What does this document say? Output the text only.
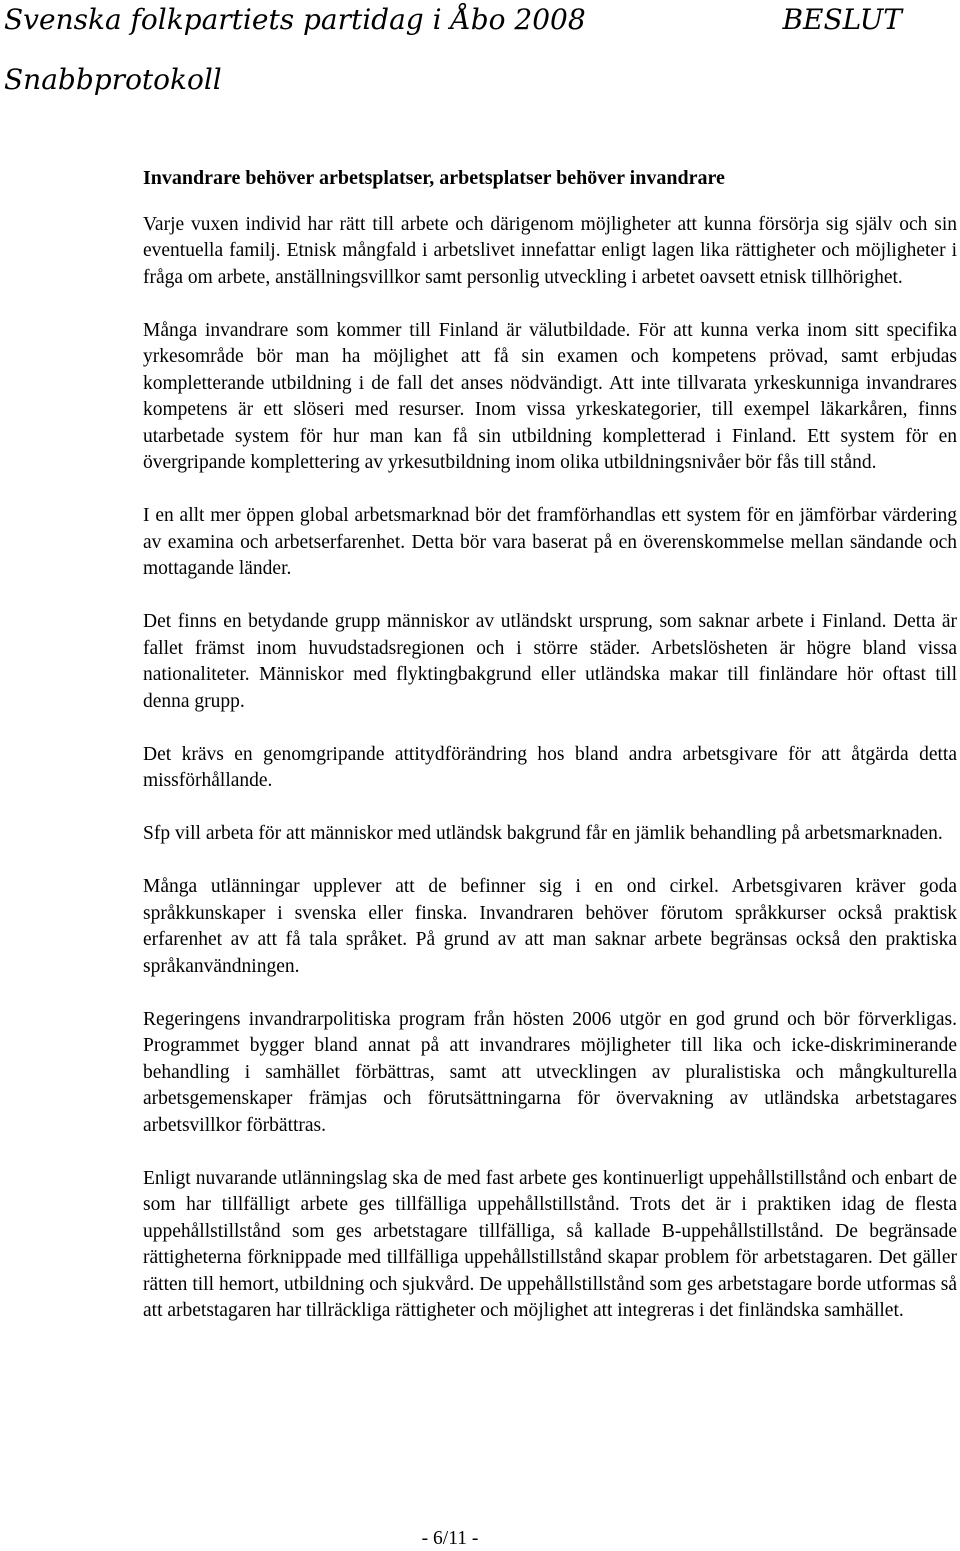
Svenska folkpartiets partidag i Åbo 2008	BESLUT
Snabbprotokoll
Invandrare behöver arbetsplatser, arbetsplatser behöver invandrare

Varje vuxen individ har rätt till arbete och därigenom möjligheter att kunna försörja sig själv och sin eventuella familj. Etnisk mångfald i arbetslivet innefattar enligt lagen lika rättigheter och möjligheter i fråga om arbete, anställningsvillkor samt personlig utveckling i arbetet oavsett etnisk tillhörighet.

Många invandrare som kommer till Finland är välutbildade. För att kunna verka inom sitt specifika yrkesområde bör man ha möjlighet att få sin examen och kompetens prövad, samt erbjudas kompletterande utbildning i de fall det anses nödvändigt. Att inte tillvarata yrkeskunniga invandrares kompetens är ett slöseri med resurser. Inom vissa yrkeskategorier, till exempel läkarkåren, finns utarbetade system för hur man kan få sin utbildning kompletterad i Finland. Ett system för en övergripande komplettering av yrkesutbildning inom olika utbildningsnivåer bör fås till stånd.

I en allt mer öppen global arbetsmarknad bör det framförhandlas ett system för en jämförbar värdering av examina och arbetserfarenhet. Detta bör vara baserat på en överenskommelse mellan sändande och mottagande länder.

Det finns en betydande grupp människor av utländskt ursprung, som saknar arbete i Finland. Detta är fallet främst inom huvudstadsregionen och i större städer. Arbetslösheten är högre bland vissa nationaliteter. Människor med flyktingbakgrund eller utländska makar till finländare hör oftast till denna grupp.

Det krävs en genomgripande attitydförändring hos bland andra arbetsgivare för att åtgärda detta missförhållande.

Sfp vill arbeta för att människor med utländsk bakgrund får en jämlik behandling på arbetsmarknaden.

Många utlänningar upplever att de befinner sig i en ond cirkel. Arbetsgivaren kräver goda språkkunskaper i svenska eller finska. Invandraren behöver förutom språkkurser också praktisk erfarenhet av att få tala språket. På grund av att man saknar arbete begränsas också den praktiska språkanvändningen.

Regeringens invandrarpolitiska program från hösten 2006 utgör en god grund och bör förverkligas. Programmet bygger bland annat på att invandrares möjligheter till lika och icke-diskriminerande behandling i samhället förbättras, samt att utvecklingen av pluralistiska och mångkulturella arbetsgemenskaper främjas och förutsättningarna för övervakning av utländska arbetstagares arbetsvillkor förbättras.

Enligt nuvarande utlänningslag ska de med fast arbete ges kontinuerligt uppehållstillstånd och enbart de som har tillfälligt arbete ges tillfälliga uppehållstillstånd. Trots det är i praktiken idag de flesta uppehållstillstånd som ges arbetstagare tillfälliga, så kallade B-uppehållstillstånd. De begränsade rättigheterna förknippade med tillfälliga uppehållstillstånd skapar problem för arbetstagaren. Det gäller rätten till hemort, utbildning och sjukvård. De uppehållstillstånd som ges arbetstagare borde utformas så att arbetstagaren har tillräckliga rättigheter och möjlighet att integreras i det finländska samhället.

- 6/11 -
